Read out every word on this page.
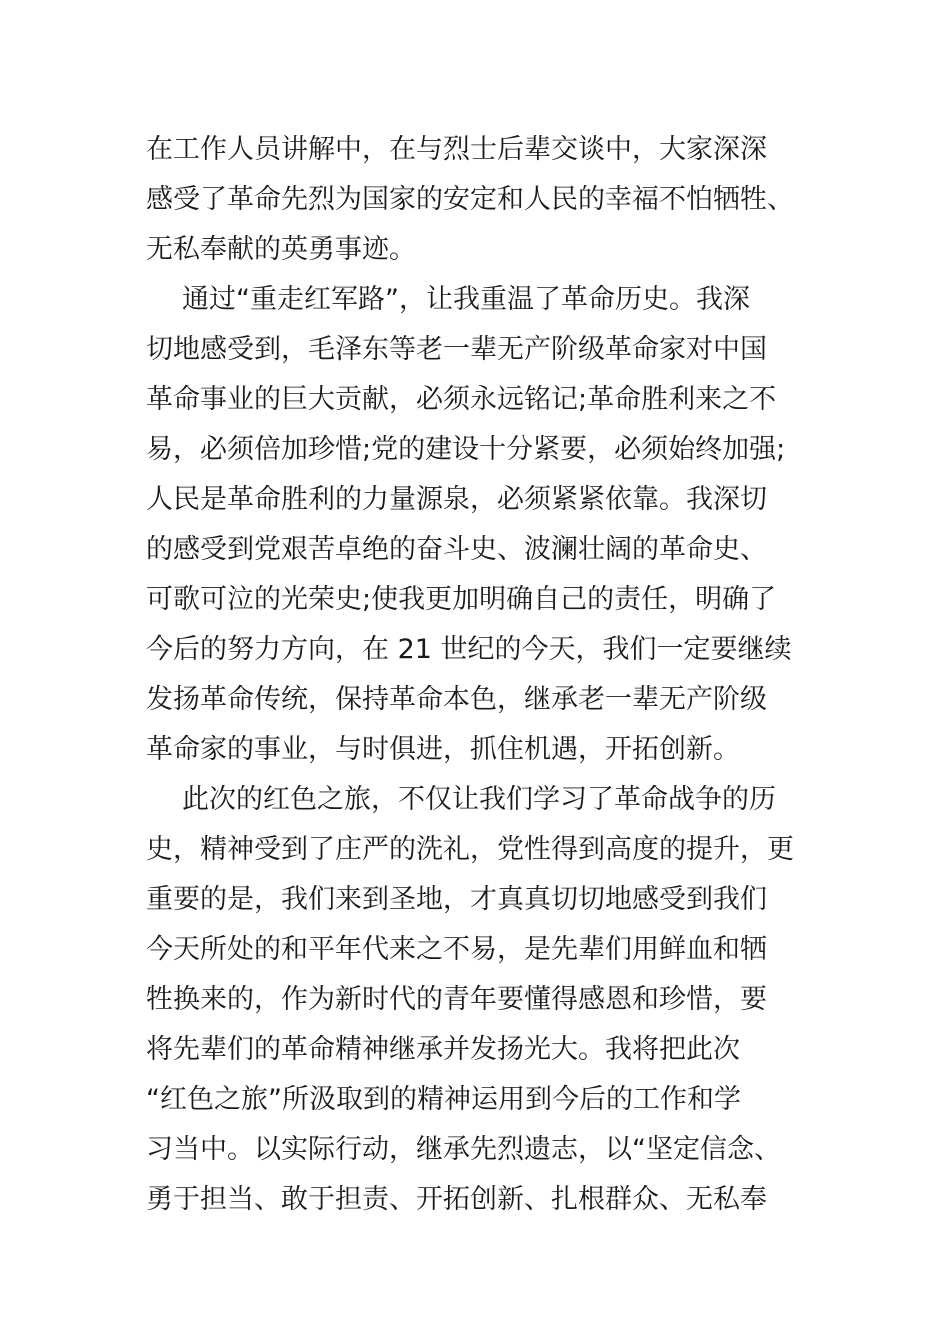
在工作人员讲解中，在与烈士后辈交谈中，大家深深
感受了革命先烈为国家的安定和人民的幸福不怕牺牲、
无私奉献的英勇事迹。
通过“重走红军路”，让我重温了革命历史。我深
切地感受到，毛泽东等老一辈无产阶级革命家对中国
革命事业的巨大贡献，必须永远铭记;革命胜利来之不
易，必须倍加珍惜;党的建设十分紧要，必须始终加强;
人民是革命胜利的力量源泉，必须紧紧依靠。我深切
的感受到党艰苦卓绝的奋斗史、波澜壮阔的革命史、
可歌可泣的光荣史;使我更加明确自己的责任，明确了
今后的努力方向，在 21 世纪的今天，我们一定要继续
发扬革命传统，保持革命本色，继承老一辈无产阶级
革命家的事业，与时俱进，抓住机遇，开拓创新。
此次的红色之旅，不仅让我们学习了革命战争的历
史，精神受到了庄严的洗礼，党性得到高度的提升，更
重要的是，我们来到圣地，才真真切切地感受到我们
今天所处的和平年代来之不易，是先辈们用鲜血和牺
牲换来的，作为新时代的青年要懂得感恩和珍惜，要
将先辈们的革命精神继承并发扬光大。我将把此次
“红色之旅”所汲取到的精神运用到今后的工作和学
习当中。以实际行动，继承先烈遗志，以“坚定信念、
勇于担当、敢于担责、开拓创新、扎根群众、无私奉
